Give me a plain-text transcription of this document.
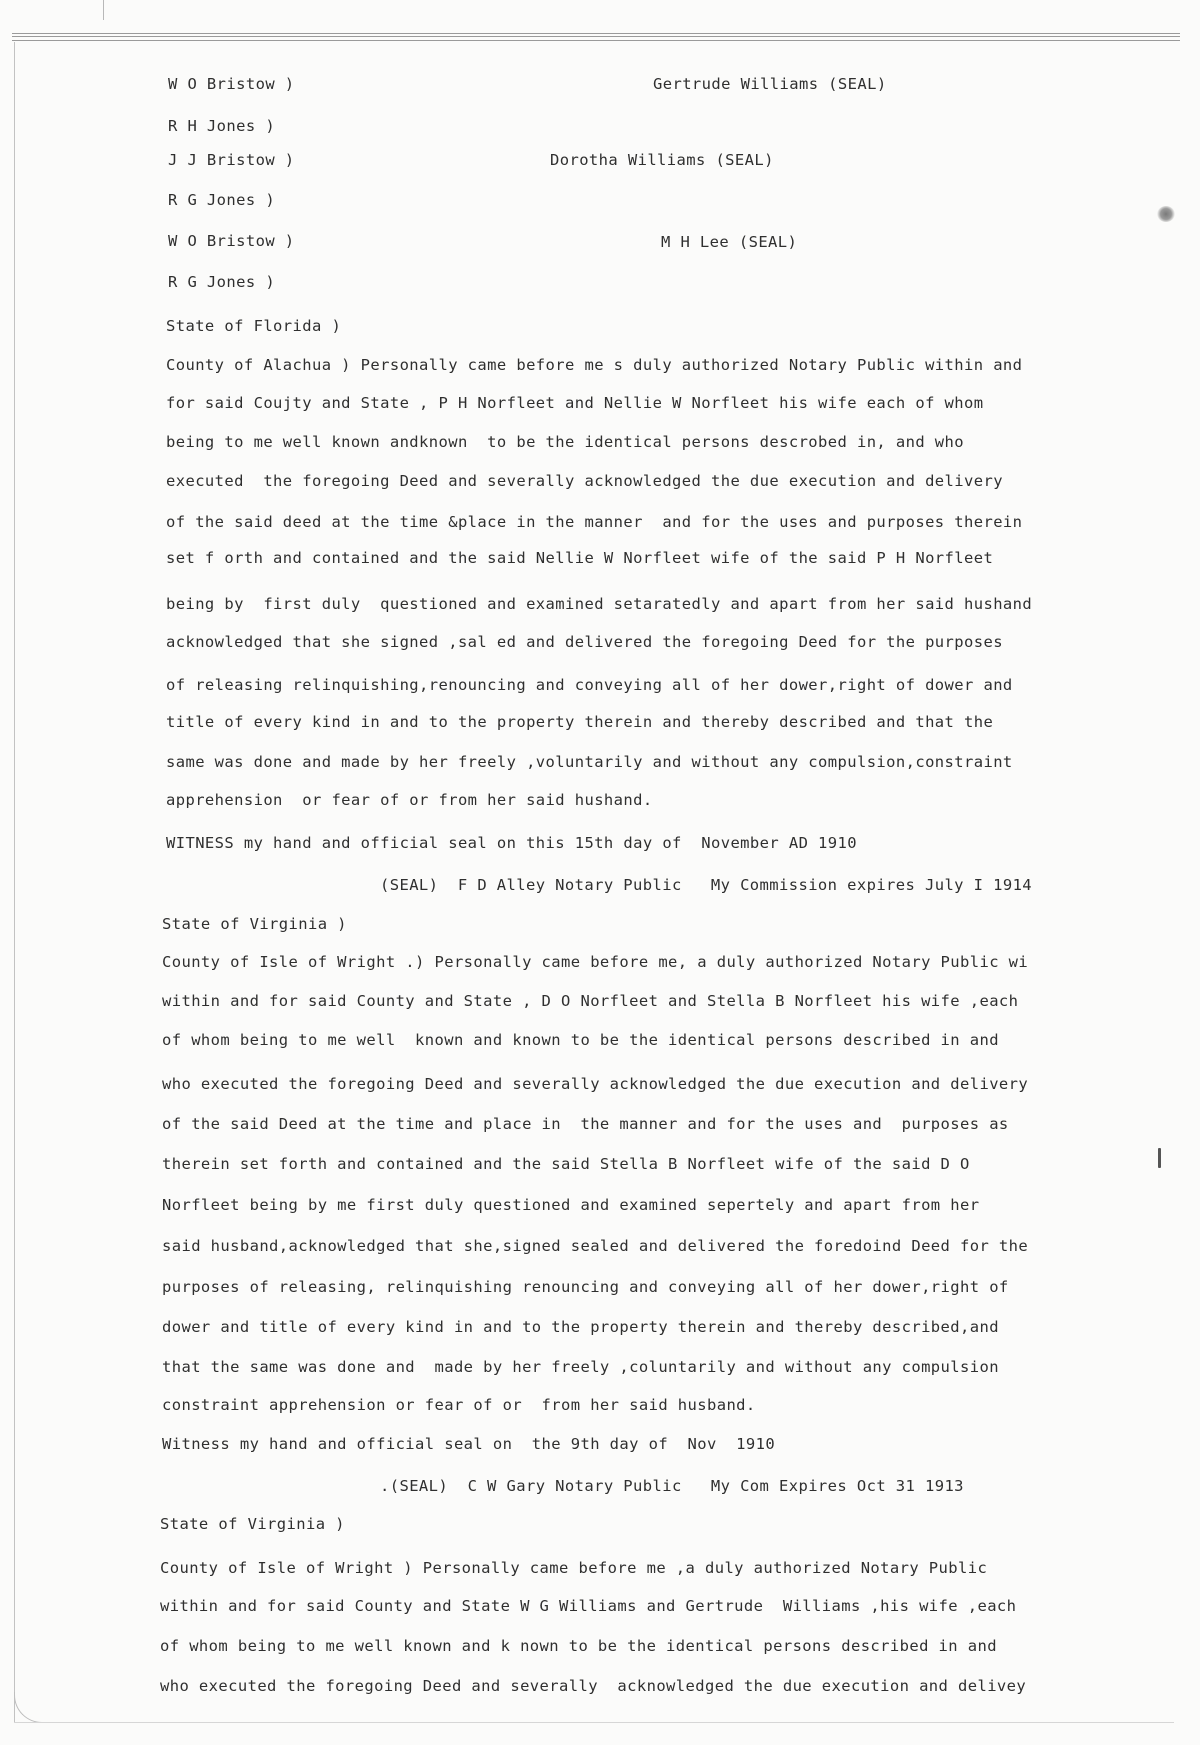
W O Bristow )
R H Jones )
J J Bristow )
R G Jones )
W O Bristow )
R G Jones )
Gertrude Williams (SEAL)
Dorotha Williams (SEAL)
M H Lee (SEAL)
State of Florida )
County of Alachua ) Personally came before me s duly authorized Notary Public within and
for said Coujty and State , P H Norfleet and Nellie W Norfleet his wife each of whom
being to me well known andknown  to be the identical persons descrobed in, and who
executed  the foregoing Deed and severally acknowledged the due execution and delivery
of the said deed at the time &place in the manner  and for the uses and purposes therein
set f orth and contained and the said Nellie W Norfleet wife of the said P H Norfleet
being by  first duly  questioned and examined setaratedly and apart from her said hushand
acknowledged that she signed ,sal ed and delivered the foregoing Deed for the purposes
of releasing relinquishing,renouncing and conveying all of her dower,right of dower and
title of every kind in and to the property therein and thereby described and that the
same was done and made by her freely ,voluntarily and without any compulsion,constraint
apprehension  or fear of or from her said hushand.
WITNESS my hand and official seal on this 15th day of  November AD 1910
(SEAL)  F D Alley Notary Public   My Commission expires July I 1914
State of Virginia )
County of Isle of Wright .) Personally came before me, a duly authorized Notary Public wi
within and for said County and State , D O Norfleet and Stella B Norfleet his wife ,each
of whom being to me well  known and known to be the identical persons described in and
who executed the foregoing Deed and severally acknowledged the due execution and delivery
of the said Deed at the time and place in  the manner and for the uses and  purposes as
therein set forth and contained and the said Stella B Norfleet wife of the said D O
Norfleet being by me first duly questioned and examined sepertely and apart from her
said husband,acknowledged that she,signed sealed and delivered the foredoind Deed for the
purposes of releasing, relinquishing renouncing and conveying all of her dower,right of
dower and title of every kind in and to the property therein and thereby described,and
that the same was done and  made by her freely ,coluntarily and without any compulsion
constraint apprehension or fear of or  from her said husband.
Witness my hand and official seal on  the 9th day of  Nov  1910
.(SEAL)  C W Gary Notary Public   My Com Expires Oct 31 1913
State of Virginia )
County of Isle of Wright ) Personally came before me ,a duly authorized Notary Public
within and for said County and State W G Williams and Gertrude  Williams ,his wife ,each
of whom being to me well known and k nown to be the identical persons described in and
who executed the foregoing Deed and severally  acknowledged the due execution and delivey
